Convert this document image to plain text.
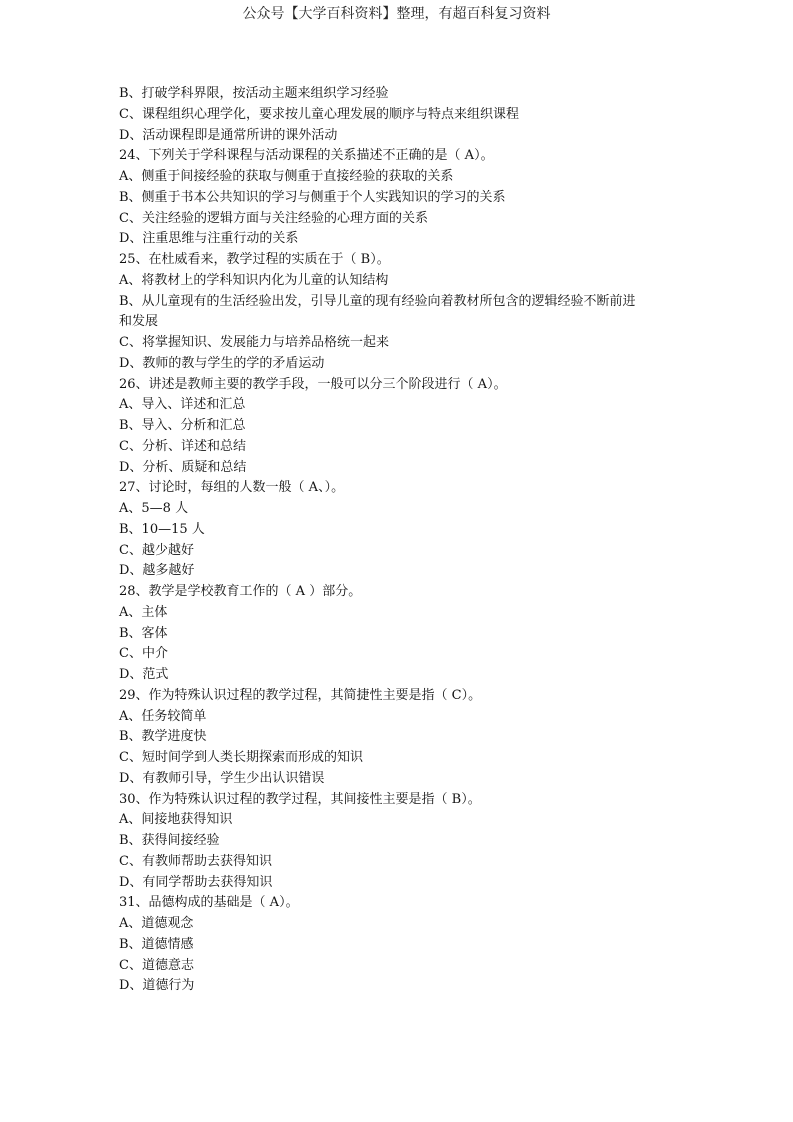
公众号【大学百科资料】整理，有超百科复习资料

B、打破学科界限，按活动主题来组织学习经验

C、课程组织心理学化，要求按儿童心理发展的顺序与特点来组织课程

D、活动课程即是通常所讲的课外活动

24、下列关于学科课程与活动课程的关系描述不正确的是（ A）。

A、侧重于间接经验的获取与侧重于直接经验的获取的关系

B、侧重于书本公共知识的学习与侧重于个人实践知识的学习的关系

C、关注经验的逻辑方面与关注经验的心理方面的关系

D、注重思维与注重行动的关系

25、在杜威看来，教学过程的实质在于（ B）。

A、将教材上的学科知识内化为儿童的认知结构

B、从儿童现有的生活经验出发，引导儿童的现有经验向着教材所包含的逻辑经验不断前进

和发展

C、将掌握知识、发展能力与培养品格统一起来

D、教师的教与学生的学的矛盾运动

26、讲述是教师主要的教学手段，一般可以分三个阶段进行（ A）。

A、导入、详述和汇总

B、导入、分析和汇总

C、分析、详述和总结

D、分析、质疑和总结

27、讨论时，每组的人数一般（ A、）。

A、5—8 人

B、10—15 人

C、越少越好

D、越多越好

28、教学是学校教育工作的（ A ）部分。

A、主体

B、客体

C、中介

D、范式

29、作为特殊认识过程的教学过程，其简捷性主要是指（ C）。

A、任务较简单

B、教学进度快

C、短时间学到人类长期探索而形成的知识

D、有教师引导，学生少出认识错误

30、作为特殊认识过程的教学过程，其间接性主要是指（ B）。

A、间接地获得知识

B、获得间接经验

C、有教师帮助去获得知识

D、有同学帮助去获得知识

31、品德构成的基础是（ A）。

A、道德观念

B、道德情感

C、道德意志

D、道德行为
